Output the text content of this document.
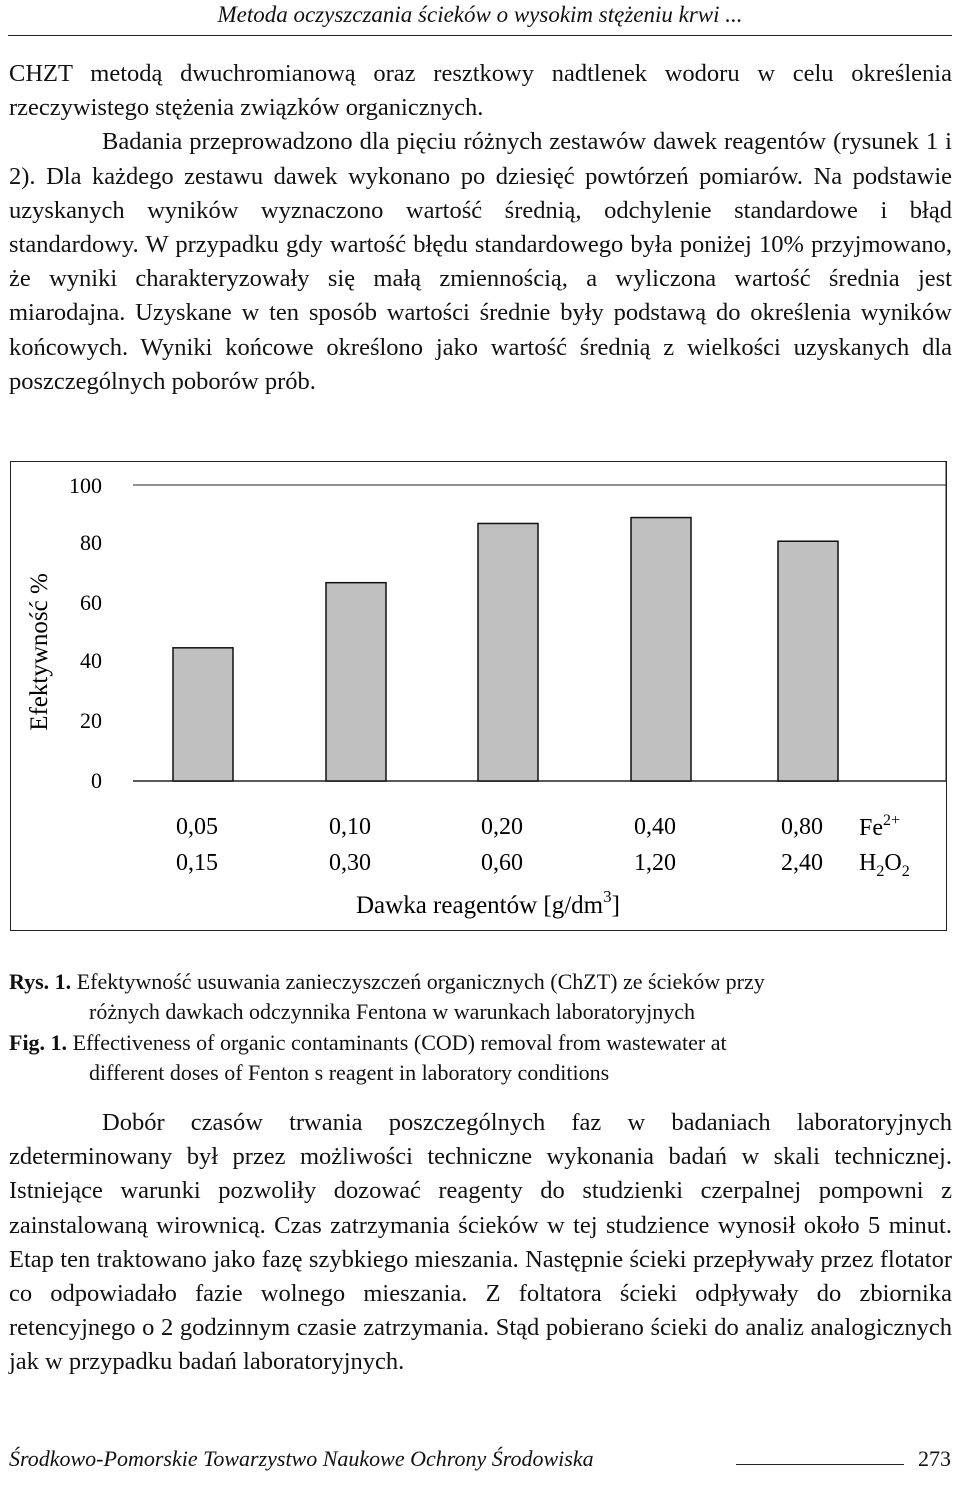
Metoda oczyszczania ścieków o wysokim stężeniu krwi ...

CHZT metodą dwuchromianową oraz resztkowy nadtlenek wodoru w celu określenia rzeczywistego stężenia związków organicznych.

Badania przeprowadzono dla pięciu różnych zestawów dawek reagentów (rysunek 1 i 2). Dla każdego zestawu dawek wykonano po dziesięć powtórzeń pomiarów. Na podstawie uzyskanych wyników wyznaczono wartość średnią, odchylenie standardowe i błąd standardowy. W przypadku gdy wartość błędu standardowego była poniżej 10% przyjmowano, że wyniki charakteryzowały się małą zmiennością, a wyliczona wartość średnia jest miarodajna. Uzyskane w ten sposób wartości średnie były podstawą do określenia wyników końcowych. Wyniki końcowe określono jako wartość średnią z wielkości uzyskanych dla poszczególnych poborów prób.

0
20
40
60
80
100
0,05	0,10	0,20	0,40	0,80
0,15	0,30	0,60	1,20	2,40
Efektywność %
$Fe^{2+}$
$H_2O_2$
Dawka reagentów $[g/dm^3]$
Rys. 1. Efektywność usuwania zanieczyszczeń organicznych (ChZT) ze ścieków przy
różnych dawkach odczynnika Fentona w warunkach laboratoryjnych
Fig. 1. Effectiveness of organic contaminants (COD) removal from wastewater at
different doses of Fenton s reagent in laboratory conditions

Dobór czasów trwania poszczególnych faz w badaniach laboratoryjnych zdeterminowany był przez możliwości techniczne wykonania badań w skali technicznej. Istniejące warunki pozwoliły dozować reagenty do studzienki czerpalnej pompowni z zainstalowaną wirownicą. Czas zatrzymania ścieków w tej studzience wynosił około 5 minut. Etap ten traktowano jako fazę szybkiego mieszania. Następnie ścieki przepływały przez flotator co odpowiadało fazie wolnego mieszania. Z foltatora ścieki odpływały do zbiornika retencyjnego o 2 godzinnym czasie zatrzymania. Stąd pobierano ścieki do analiz analogicznych jak w przypadku badań laboratoryjnych.

Środkowo-Pomorskie Towarzystwo Naukowe Ochrony Środowiska	273
